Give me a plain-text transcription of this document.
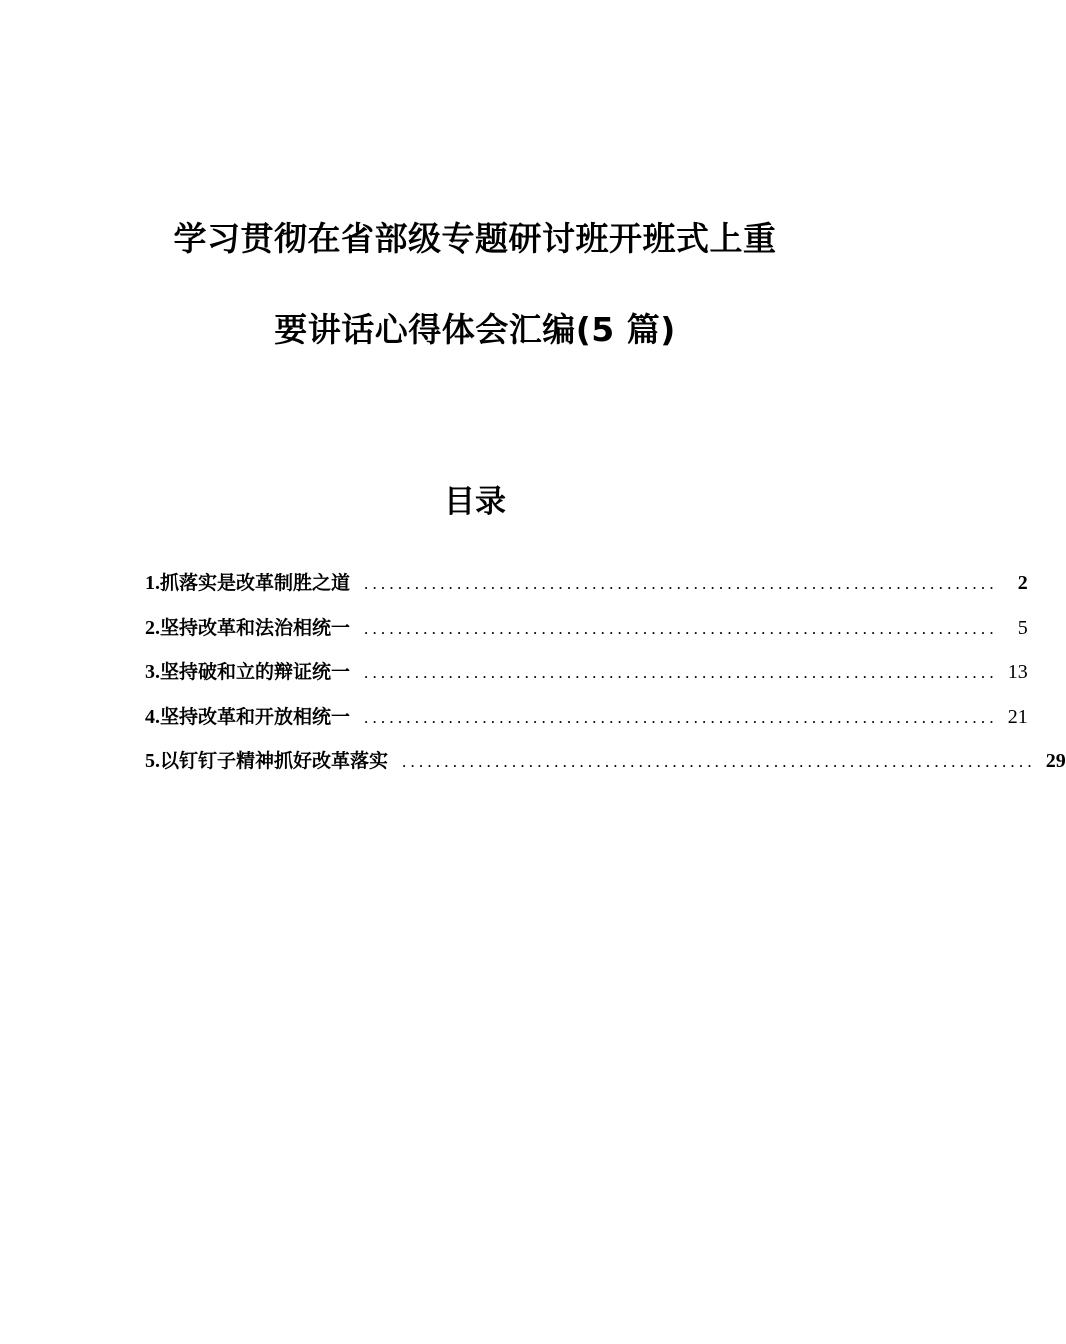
学习贯彻在省部级专题研讨班开班式上重
要讲话心得体会汇编(5 篇)
目录
1. 抓落实是改革制胜之道 ...........................................................................	2
2. 坚持改革和法治相统一 ...........................................................................	5
3. 坚持破和立的辩证统一 ........................................................................... 13
4. 坚持改革和开放相统一 ........................................................................... 21
5. 以钉钉子精神抓好改革落实 ........................................................................... 29
